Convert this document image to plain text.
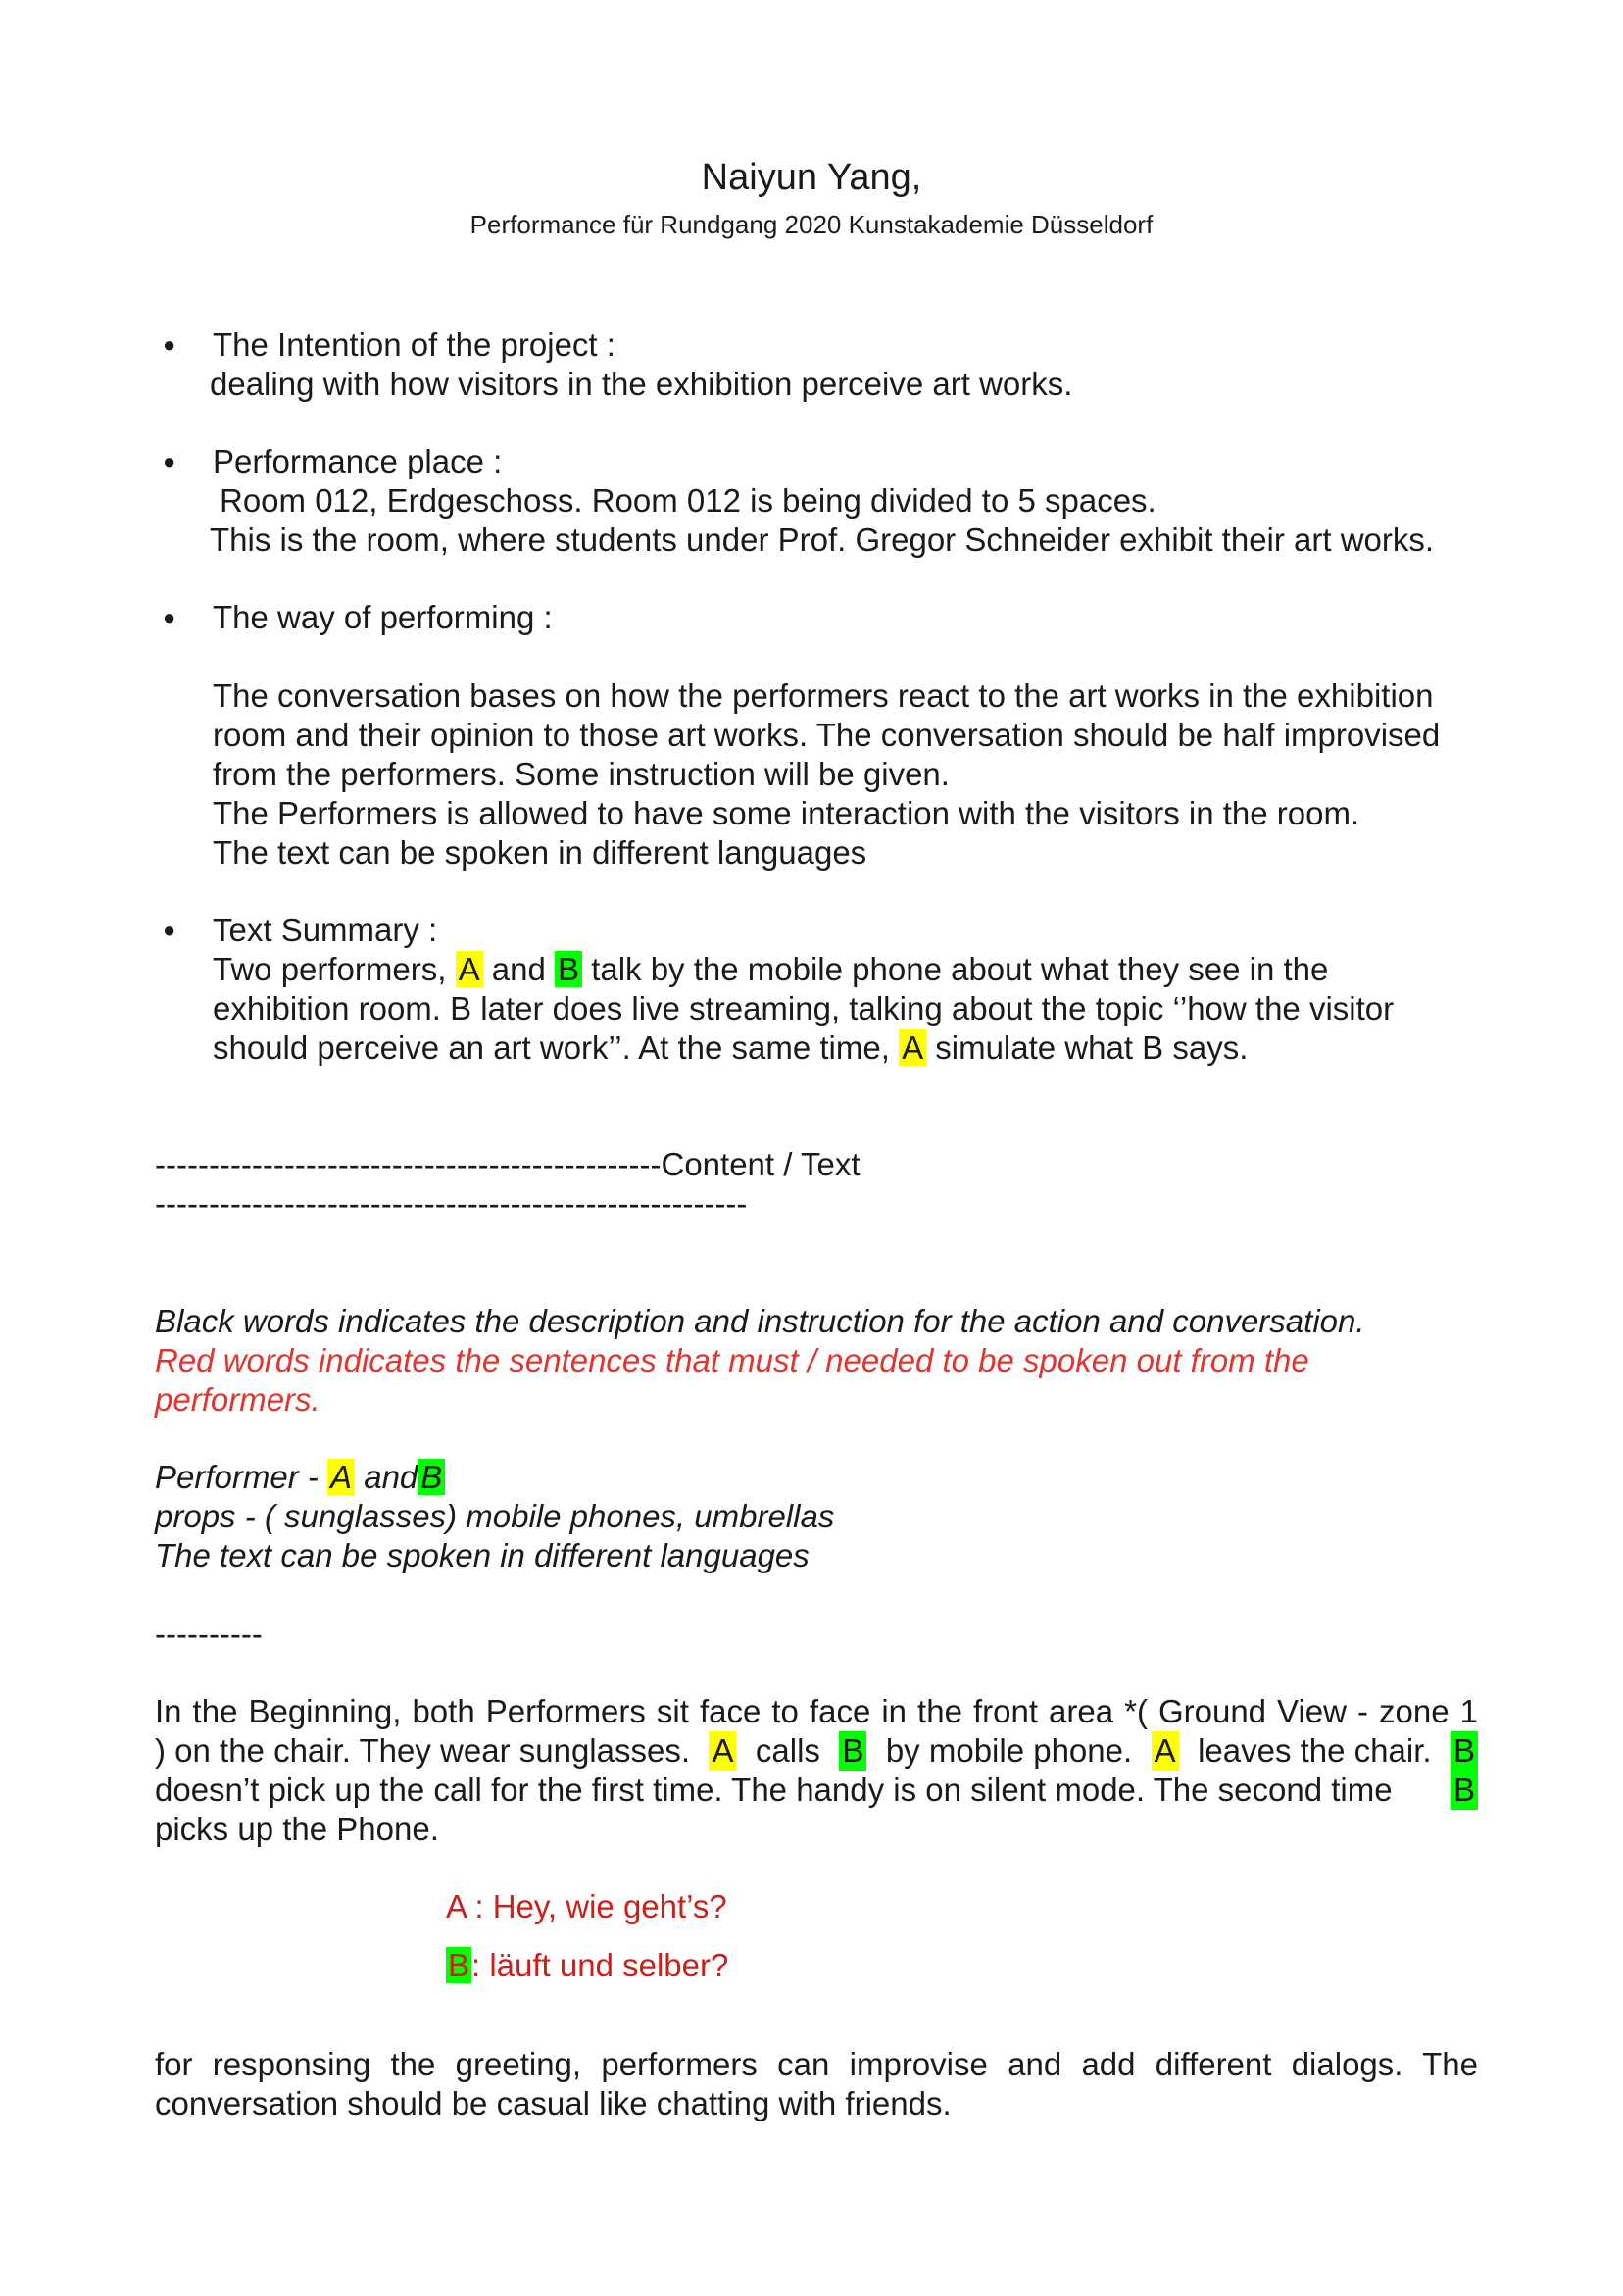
Naiyun Yang,
Performance für Rundgang 2020 Kunstakademie Düsseldorf
● The Intention of the project :
dealing with how visitors in the exhibition perceive art works.
● Performance place :
Room 012, Erdgeschoss. Room 012 is being divided to 5 spaces.
This is the room, where students under Prof. Gregor Schneider exhibit their art works.
● The way of performing :
The conversation bases on how the performers react to the art works in the exhibition
room and their opinion to those art works. The conversation should be half improvised
from the performers. Some instruction will be given.
The Performers is allowed to have some interaction with the visitors in the room.
The text can be spoken in different languages
● Text Summary :
Two performers, A and B talk by the mobile phone about what they see in the
exhibition room. B later does live streaming, talking about the topic ‘’how the visitor
should perceive an art work’’. At the same time, A simulate what B says.
-----------------------------------------------Content / Text
-------------------------------------------------------
Black words indicates the description and instruction for the action and conversation.
Red words indicates the sentences that must / needed to be spoken out from the
performers.
Performer - A andB
props - ( sunglasses) mobile phones, umbrellas
The text can be spoken in different languages
----------
In the Beginning, both Performers sit face to face in the front area *( Ground View - zone 1
) on the chair. They wear sunglasses. A calls B by mobile phone. A leaves the chair. B
doesn’t pick up the call for the first time. The handy is on silent mode. The second time B
picks up the Phone.
A : Hey, wie geht’s?
B: läuft und selber?
for responsing the greeting, performers can improvise and add different dialogs. The
conversation should be casual like chatting with friends.
